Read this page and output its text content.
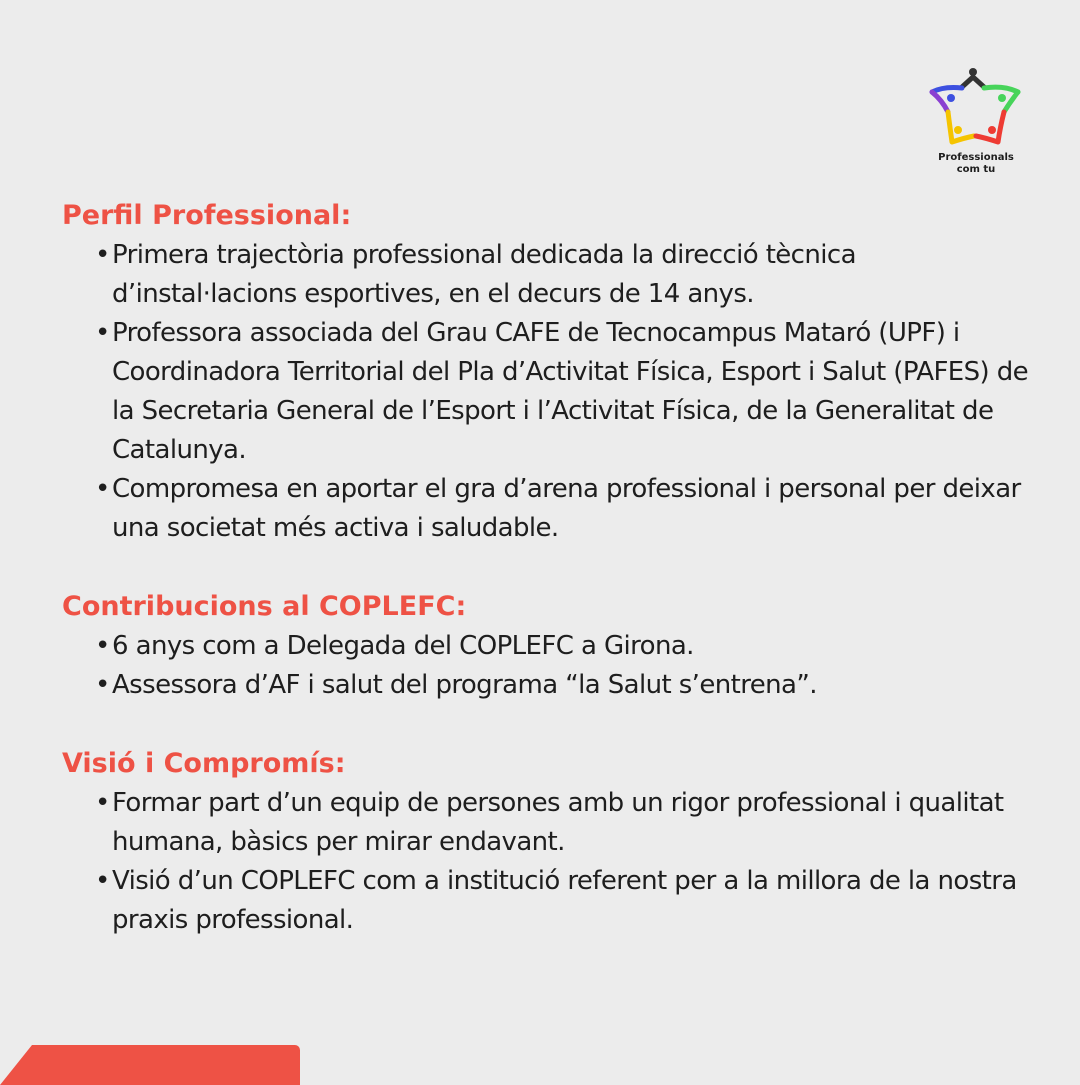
Professionals
com tu
Perfil Professional:
• Primera trajectòria professional dedicada la direcció tècnica d’instal·lacions esportives, en el decurs de 14 anys.
• Professora associada del Grau CAFE de Tecnocampus Mataró (UPF) i Coordinadora Territorial del Pla d’Activitat Física, Esport i Salut (PAFES) de la Secretaria General de l’Esport i l’Activitat Física, de la Generalitat de Catalunya.
• Compromesa en aportar el gra d’arena professional i personal per deixar una societat més activa i saludable.
Contribucions al COPLEFC:
• 6 anys com a Delegada del COPLEFC a Girona.
• Assessora d’AF i salut del programa “la Salut s’entrena”.
Visió i Compromís:
• Formar part d’un equip de persones amb un rigor professional i qualitat humana, bàsics per mirar endavant.
• Visió d’un COPLEFC com a institució referent per a la millora de la nostra praxis professional.
